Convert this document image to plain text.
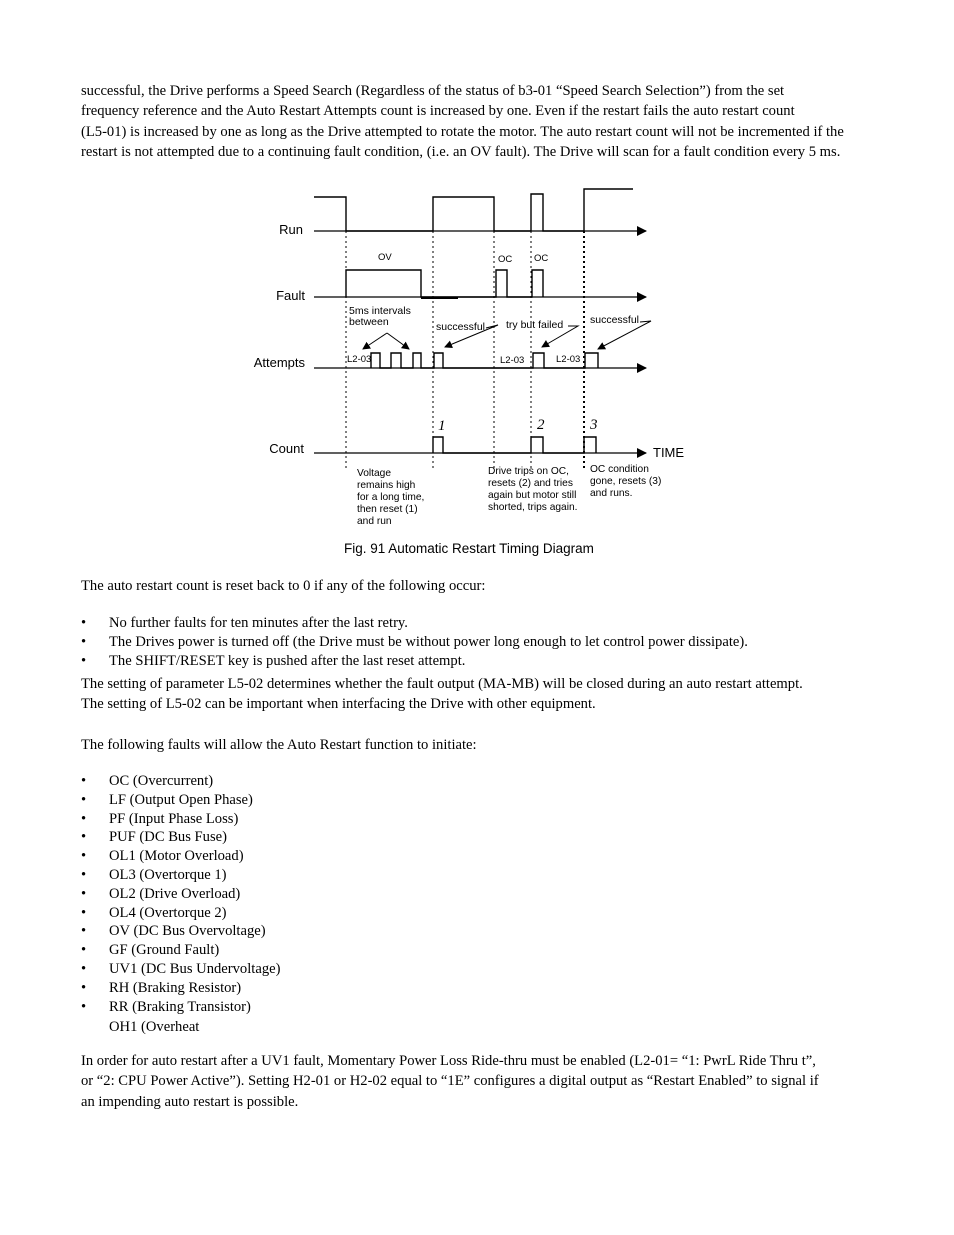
successful, the Drive performs a Speed Search (Regardless of the status of b3-01 “Speed Search Selection”) from the set
frequency reference and the Auto Restart Attempts count is increased by one. Even if the restart fails the auto restart count
(L5-01) is increased by one as long as the Drive attempted to rotate the motor. The auto restart count will not be incremented if the
restart is not attempted due to a continuing fault condition, (i.e. an OV fault). The Drive will scan for a fault condition every 5 ms.
Run
Fault
Attempts
Count
OV	OC OC
5ms intervals
between	successful try but failed	successful
L2-03	L2-03	L2-03
1	2	3
TIME
Voltage
remains high
for a long time,
then reset (1)
and run
Drive trips on OC,
resets (2) and tries
again but motor still
shorted, trips again.
OC condition
gone, resets (3)
and runs.
Fig. 91 Automatic Restart Timing Diagram
The auto restart count is reset back to 0 if any of the following occur:
• No further faults for ten minutes after the last retry.
• The Drives power is turned off (the Drive must be without power long enough to let control power dissipate).
• The SHIFT/RESET key is pushed after the last reset attempt.
The setting of parameter L5-02 determines whether the fault output (MA-MB) will be closed during an auto restart attempt.
The setting of L5-02 can be important when interfacing the Drive with other equipment.
The following faults will allow the Auto Restart function to initiate:
• OC (Overcurrent)
• LF (Output Open Phase)
• PF (Input Phase Loss)
• PUF (DC Bus Fuse)
• OL1 (Motor Overload)
• OL3 (Overtorque 1)
• OL2 (Drive Overload)
• OL4 (Overtorque 2)
• OV (DC Bus Overvoltage)
• GF (Ground Fault)
• UV1 (DC Bus Undervoltage)
• RH (Braking Resistor)
• RR (Braking Transistor)
OH1 (Overheat
In order for auto restart after a UV1 fault, Momentary Power Loss Ride-thru must be enabled (L2-01= “1: PwrL Ride Thru t”,
or “2: CPU Power Active”). Setting H2-01 or H2-02 equal to “1E” configures a digital output as “Restart Enabled” to signal if
an impending auto restart is possible.
